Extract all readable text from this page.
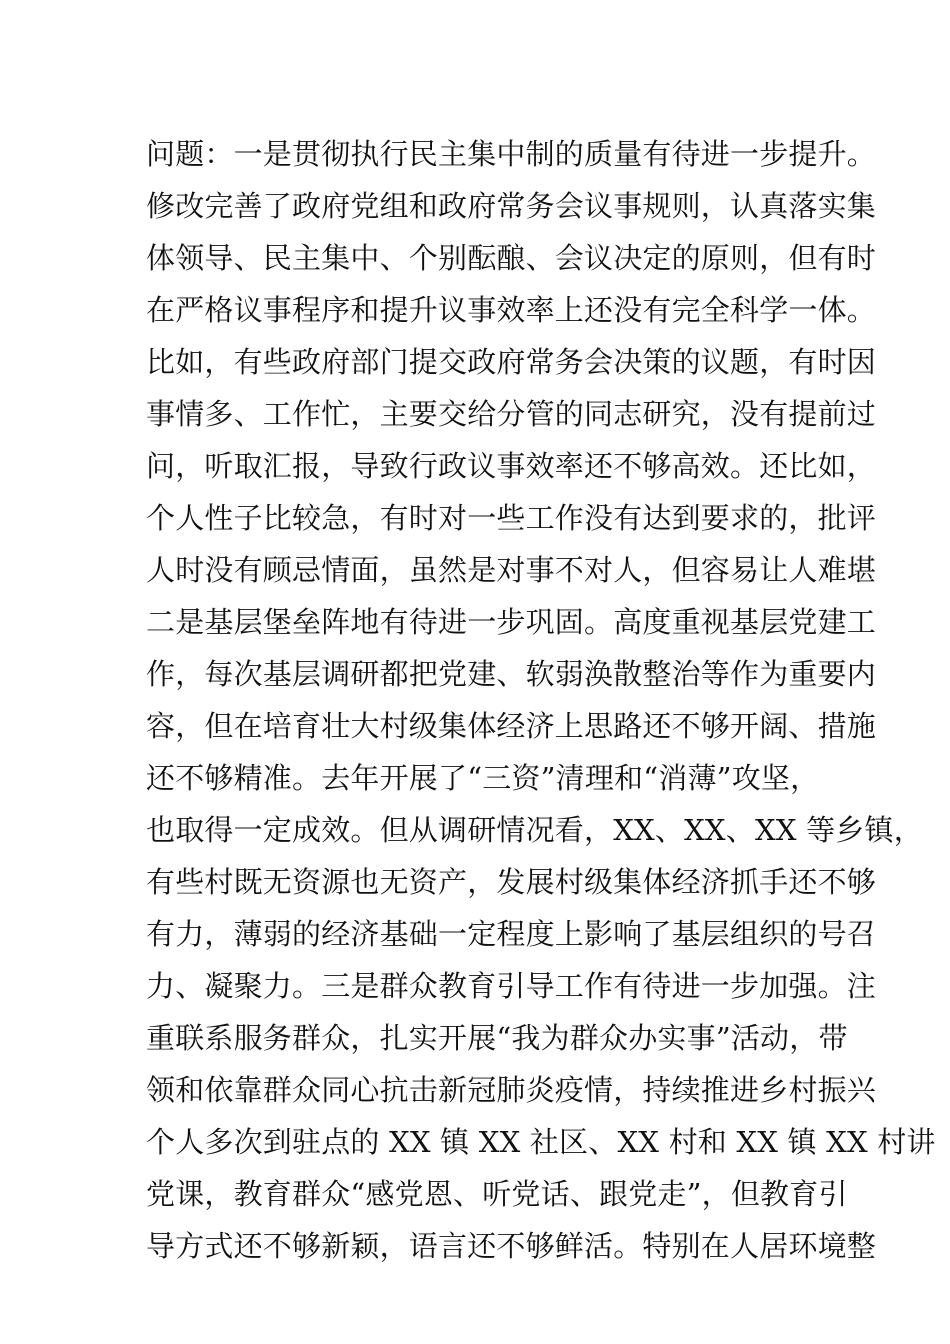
问题：一是贯彻执行民主集中制的质量有待进一步提升。
修改完善了政府党组和政府常务会议事规则，认真落实集
体领导、民主集中、个别酝酿、会议决定的原则，但有时
在严格议事程序和提升议事效率上还没有完全科学一体。
比如，有些政府部门提交政府常务会决策的议题，有时因
事情多、工作忙，主要交给分管的同志研究，没有提前过
问，听取汇报，导致行政议事效率还不够高效。还比如，
个人性子比较急，有时对一些工作没有达到要求的，批评
人时没有顾忌情面，虽然是对事不对人，但容易让人难堪
二是基层堡垒阵地有待进一步巩固。高度重视基层党建工
作，每次基层调研都把党建、软弱涣散整治等作为重要内
容，但在培育壮大村级集体经济上思路还不够开阔、措施
还不够精准。去年开展了“三资”清理和“消薄”攻坚，
也取得一定成效。但从调研情况看，XX、XX、XX 等乡镇，
有些村既无资源也无资产，发展村级集体经济抓手还不够
有力，薄弱的经济基础一定程度上影响了基层组织的号召
力、凝聚力。三是群众教育引导工作有待进一步加强。注
重联系服务群众，扎实开展“我为群众办实事”活动，带
领和依靠群众同心抗击新冠肺炎疫情，持续推进乡村振兴
个人多次到驻点的 XX 镇 XX 社区、XX 村和 XX 镇 XX 村讲
党课，教育群众“感党恩、听党话、跟党走”，但教育引
导方式还不够新颖，语言还不够鲜活。特别在人居环境整
